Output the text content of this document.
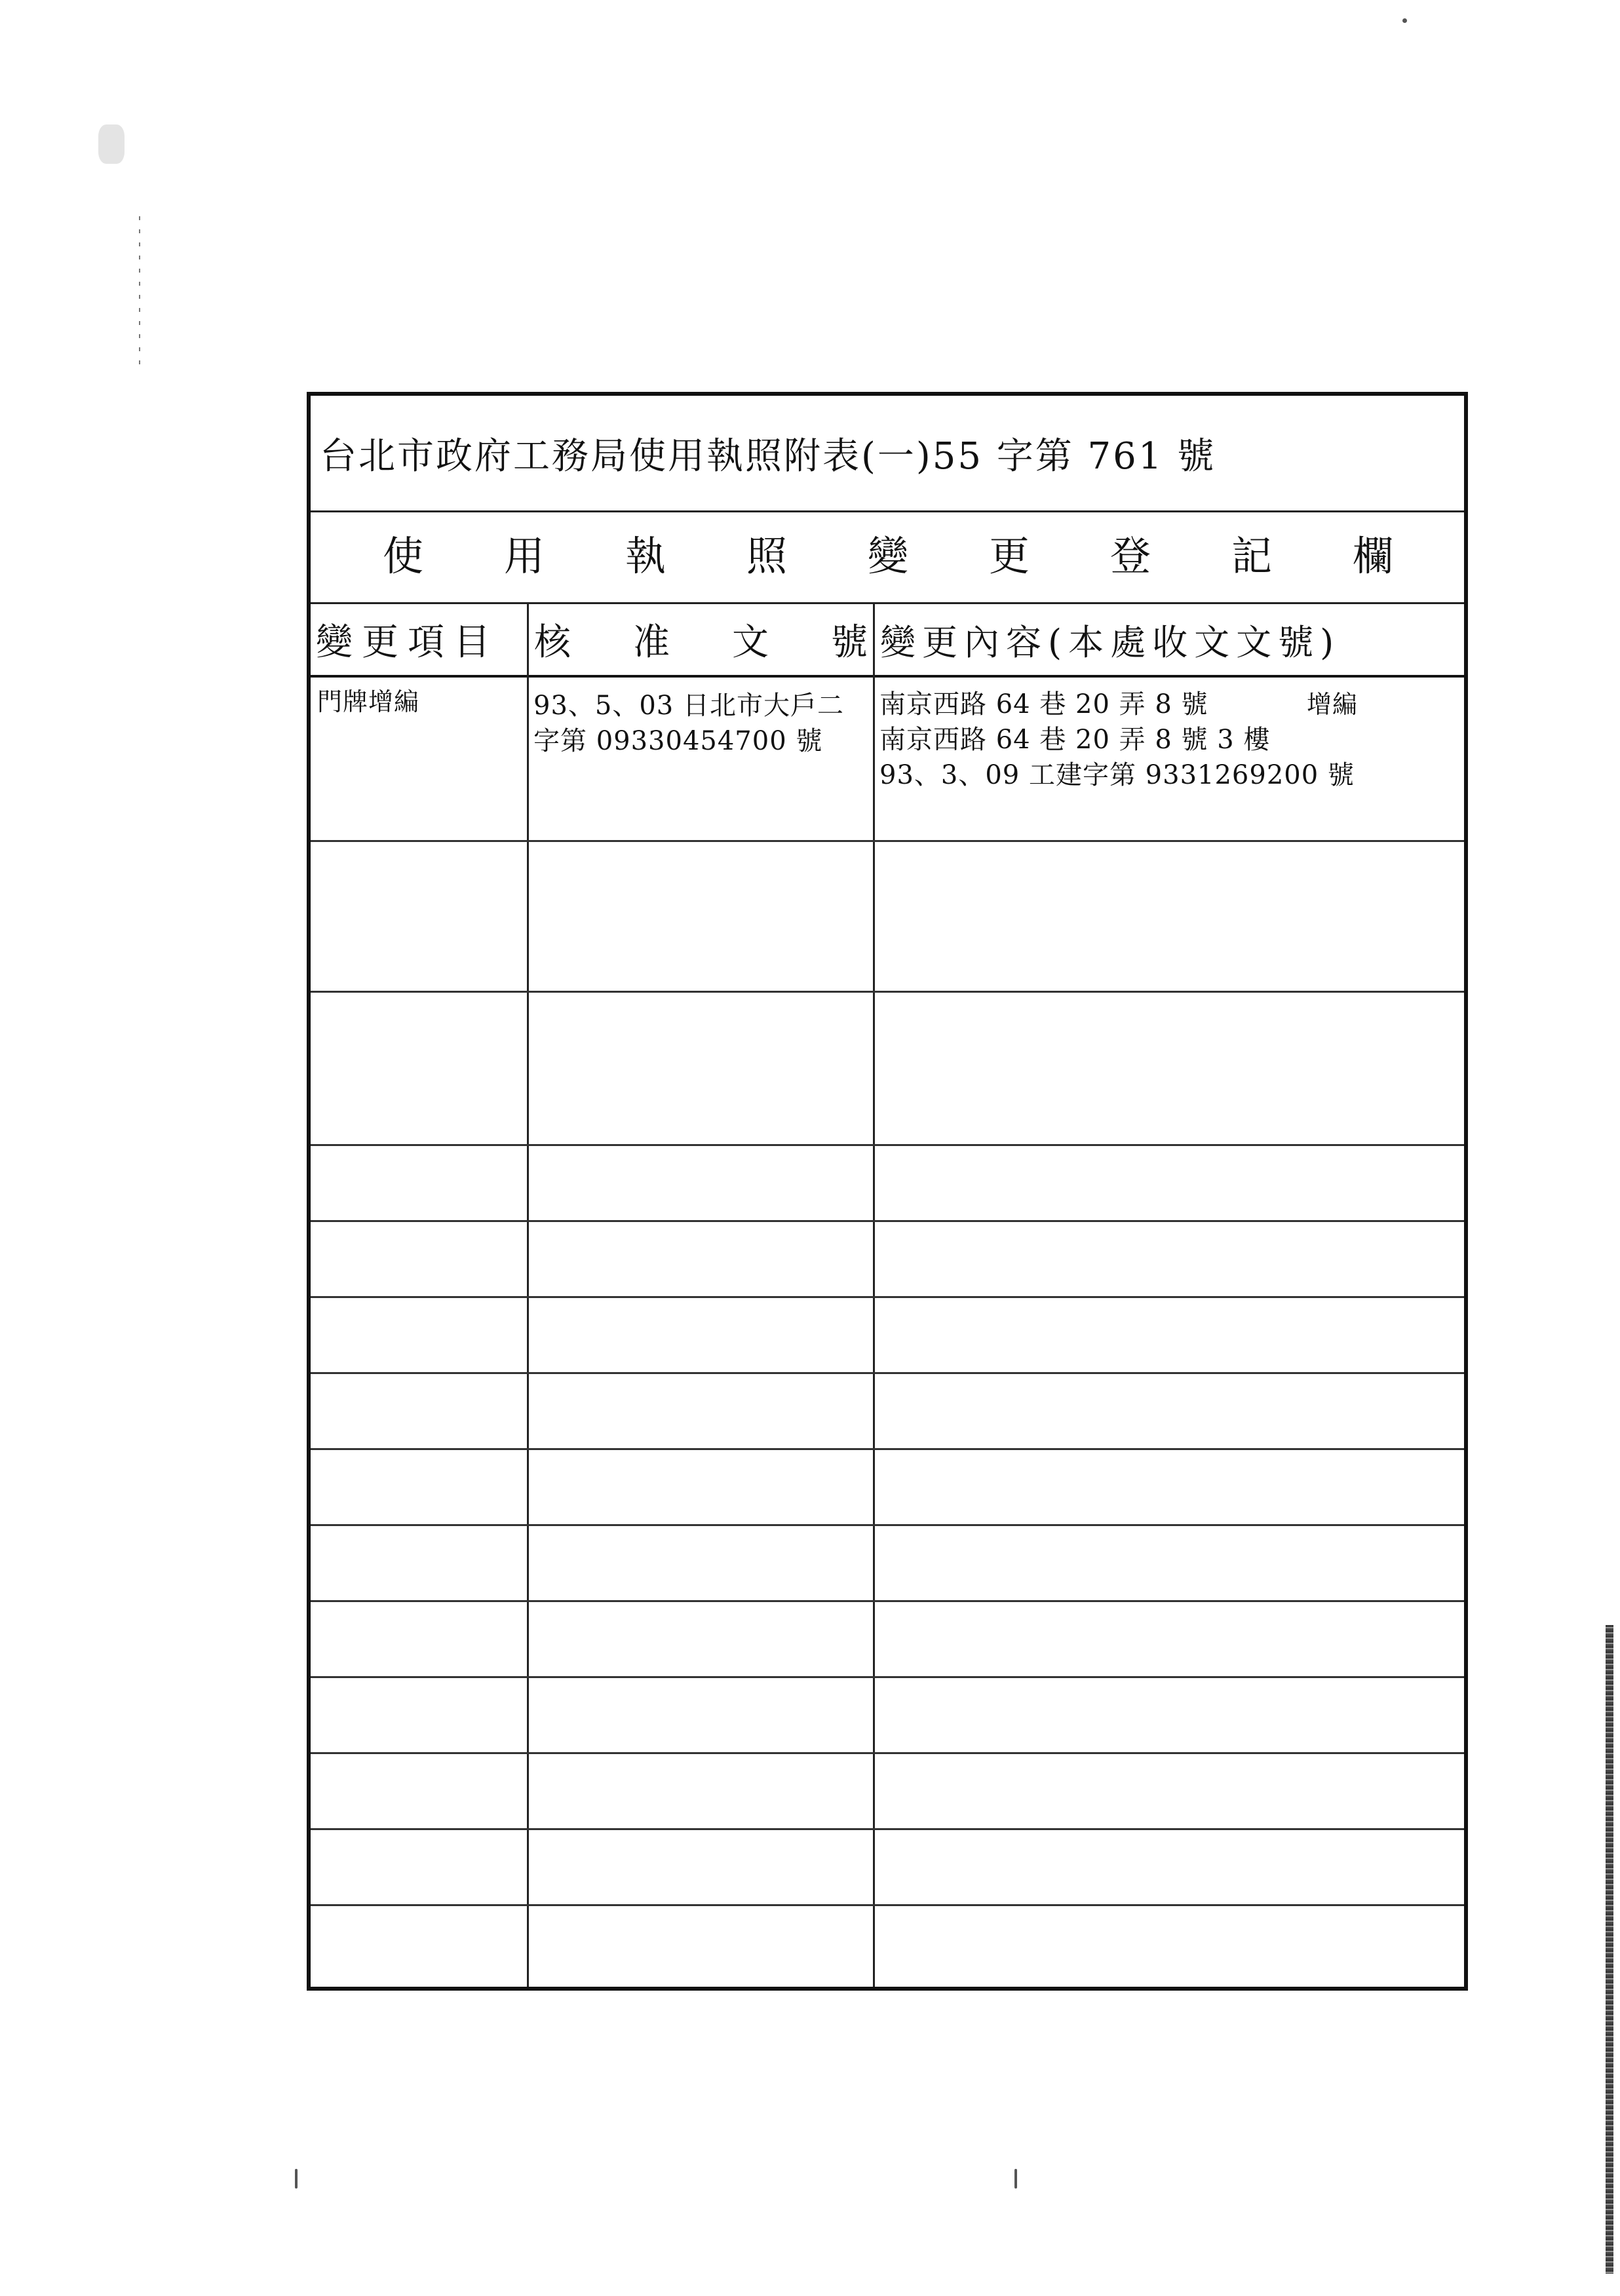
台北市政府工務局使用執照附表(一)55 字第 761 號
使 用 執 照 變 更 登 記 欄
變更項目 核 准 文 號 變更內容(本處收文文號)
門牌增編	93、5、03 日北市大戶二
字第 09330454700 號
南京西路 64 巷 20 弄 8 號	增編
南京西路 64 巷 20 弄 8 號 3 樓
93、3、09 工建字第 9331269200 號
